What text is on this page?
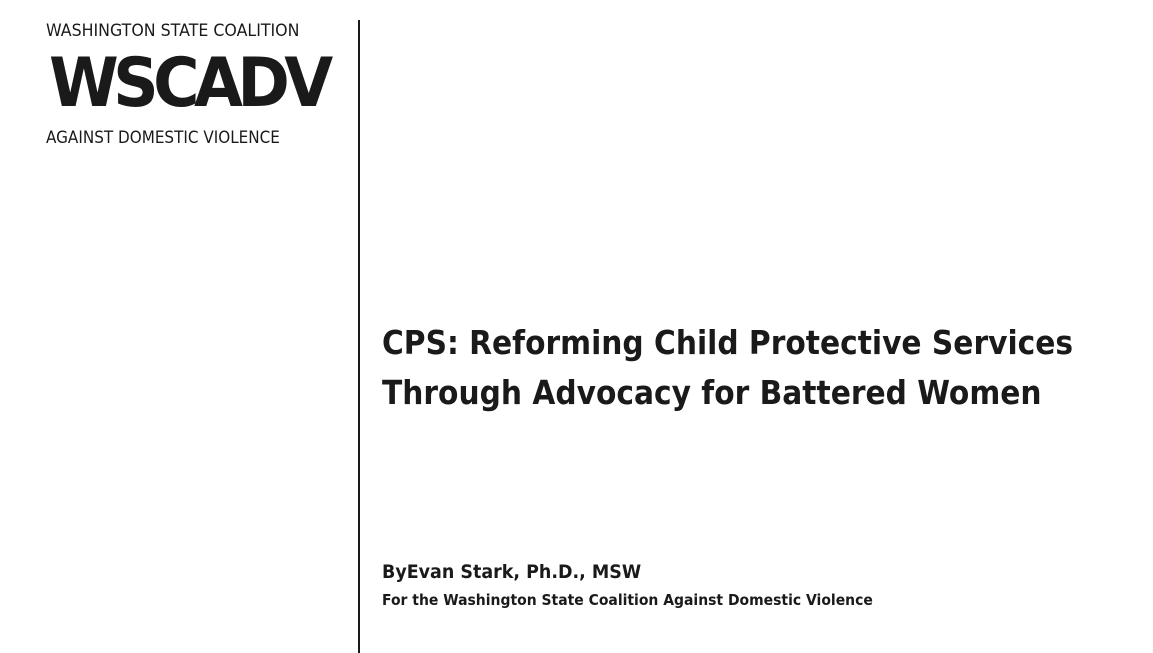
WASHINGTON STATE COALITION
WSCADV
AGAINST DOMESTIC VIOLENCE
CPS: Reforming Child Protective Services
Through Advocacy for Battered Women
ByEvan Stark, Ph.D., MSW
For the Washington State Coalition Against Domestic Violence
